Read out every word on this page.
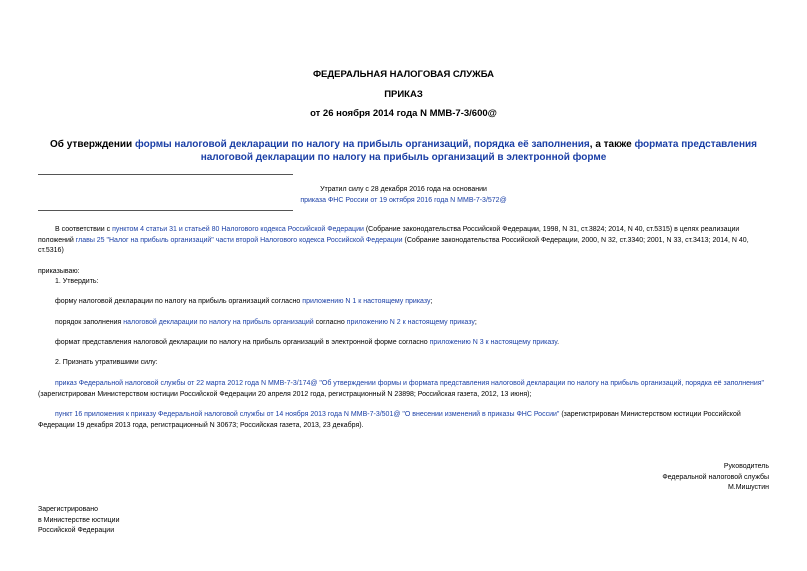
ФЕДЕРАЛЬНАЯ НАЛОГОВАЯ СЛУЖБА
ПРИКАЗ
от 26 ноября 2014 года N ММВ-7-3/600@
Об утверждении формы налоговой декларации по налогу на прибыль организаций, порядка её заполнения, а также формата представления налоговой декларации по налогу на прибыль организаций в электронной форме
Утратил силу с 28 декабря 2016 года на основании
приказа ФНС России от 19 октября 2016 года N ММВ-7-3/572@
В соответствии с пунктом 4 статьи 31 и статьей 80 Налогового кодекса Российской Федерации (Собрание законодательства Российской Федерации, 1998, N 31, ст.3824; 2014, N 40, ст.5315) в целях реализации положений главы 25 "Налог на прибыль организаций" части второй Налогового кодекса Российской Федерации (Собрание законодательства Российской Федерации, 2000, N 32, ст.3340; 2001, N 33, ст.3413; 2014, N 40, ст.5316)
приказываю:
1. Утвердить:
форму налоговой декларации по налогу на прибыль организаций согласно приложению N 1 к настоящему приказу;
порядок заполнения налоговой декларации по налогу на прибыль организаций согласно приложению N 2 к настоящему приказу;
формат представления налоговой декларации по налогу на прибыль организаций в электронной форме согласно приложению N 3 к настоящему приказу.
2. Признать утратившими силу:
приказ Федеральной налоговой службы от 22 марта 2012 года N ММВ-7-3/174@ "Об утверждении формы и формата представления налоговой декларации по налогу на прибыль организаций, порядка её заполнения" (зарегистрирован Министерством юстиции Российской Федерации 20 апреля 2012 года, регистрационный N 23898; Российская газета, 2012, 13 июня);
пункт 16 приложения к приказу Федеральной налоговой службы от 14 ноября 2013 года N ММВ-7-3/501@ "О внесении изменений в приказы ФНС России" (зарегистрирован Министерством юстиции Российской Федерации 19 декабря 2013 года, регистрационный N 30673; Российская газета, 2013, 23 декабря).
Руководитель
Федеральной налоговой службы
М.Мишустин
Зарегистрировано
в Министерстве юстиции
Российской Федерации
